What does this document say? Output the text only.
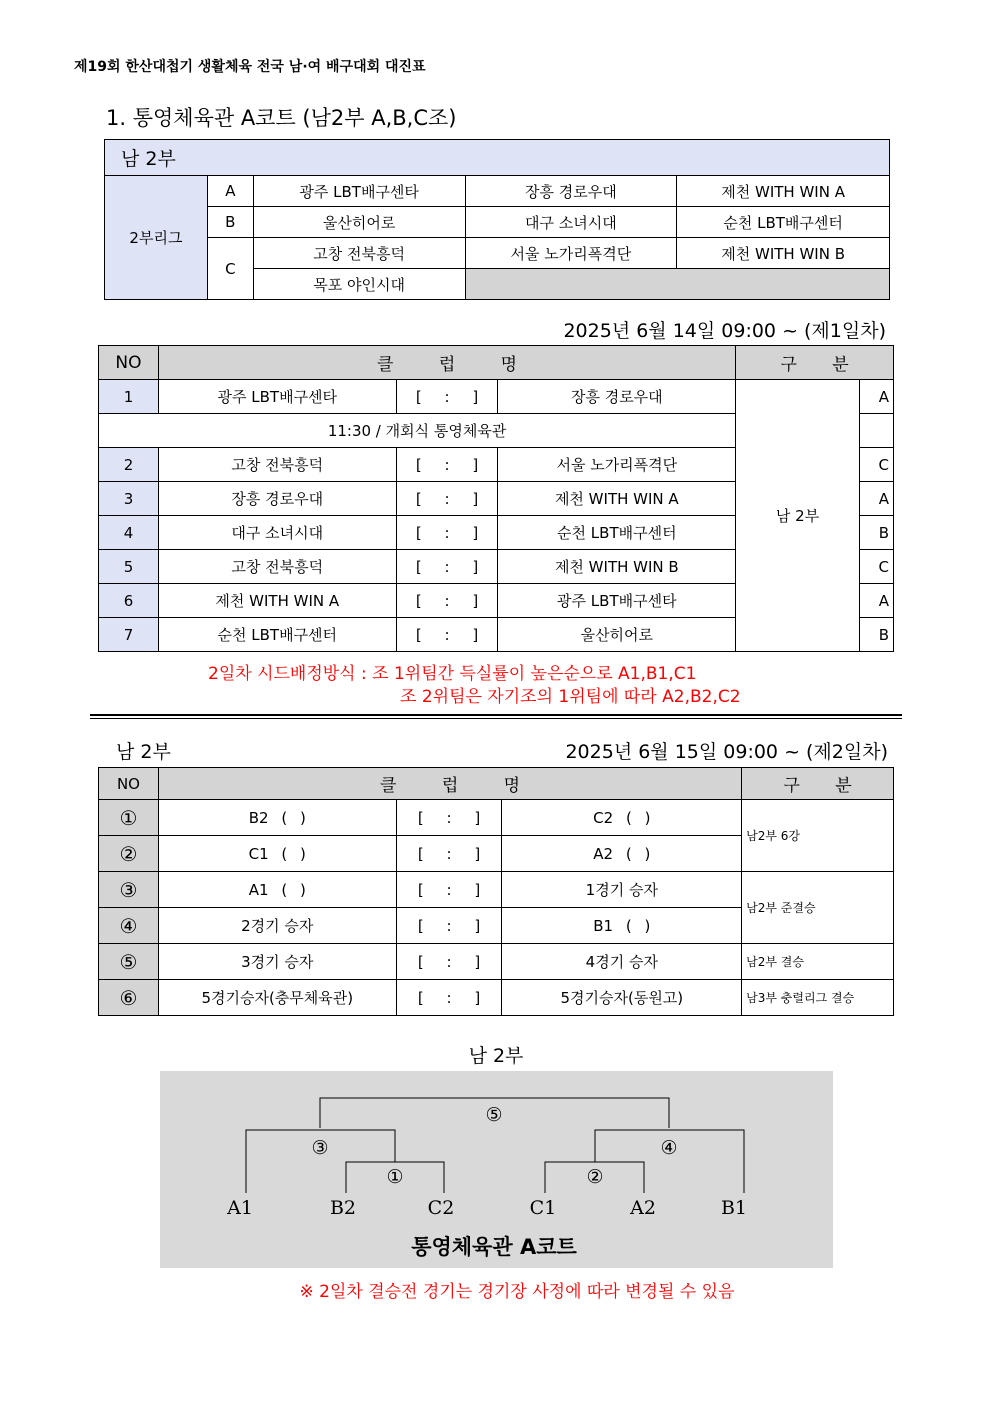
제19회 한산대첩기 생활체육 전국 남·여 배구대회 대진표
1. 통영체육관 A코트 (남2부 A,B,C조)
남 2부				
2부리그	A	광주 LBT배구센타	장흥 경로우대	제천 WITH WIN A
	B	울산히어로	대구 소녀시대	순천 LBT배구센터
	C	고창 전북흥덕	서울 노가리폭격단	제천 WITH WIN B
		목포 야인시대		
2025년 6월 14일 09:00 ~ (제1일차)
NO	클 럽 명			구 분	
1	광주 LBT배구센타	[ : ]	장흥 경로우대	남 2부	A
11:30 / 개회식 통영체육관					
2	고창 전북흥덕	[ : ]	서울 노가리폭격단		C
3	장흥 경로우대	[ : ]	제천 WITH WIN A		A
4	대구 소녀시대	[ : ]	순천 LBT배구센터		B
5	고창 전북흥덕	[ : ]	제천 WITH WIN B		C
6	제천 WITH WIN A	[ : ]	광주 LBT배구센타		A
7	순천 LBT배구센터	[ : ]	울산히어로		B
2일차 시드배정방식 : 조 1위팀간 득실률이 높은순으로 A1,B1,C1
조 2위팀은 자기조의 1위팀에 따라 A2,B2,C2
남 2부	2025년 6월 15일 09:00 ~ (제2일차)
NO	클 럽 명			구 분
①	B2 ( )	[ : ]	C2 ( )	남2부 6강
②	C1 ( )	[ : ]	A2 ( )	
③	A1 ( )	[ : ]	1경기 승자	남2부 준결승
④	2경기 승자	[ : ]	B1 ( )	
⑤	3경기 승자	[ : ]	4경기 승자	남2부 결승
⑥	5경기승자(충무체육관)	[ : ]	5경기승자(동원고)	남3부 충렬리그 결승
남 2부
⑤
③	④
①	②
A1	B2	C2	C1	A2	B1
통영체육관 A코트
※ 2일차 결승전 경기는 경기장 사정에 따라 변경될 수 있음
